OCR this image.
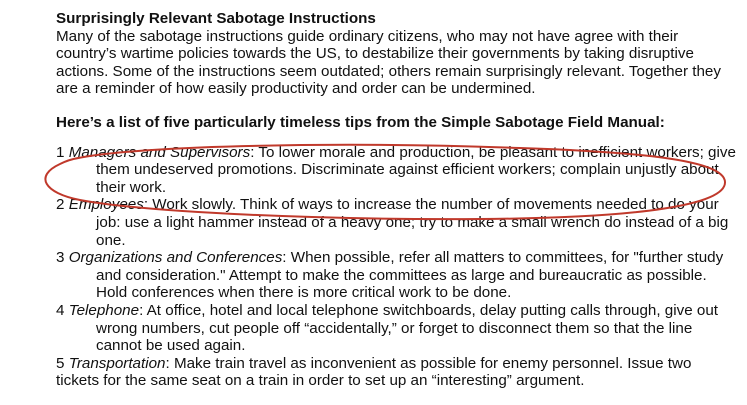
Surprisingly Relevant Sabotage Instructions

Many of the sabotage instructions guide ordinary citizens, who may not have agree with their country’s wartime policies towards the US, to destabilize their governments by taking disruptive actions. Some of the instructions seem outdated; others remain surprisingly relevant. Together they are a reminder of how easily productivity and order can be undermined.

Here’s a list of five particularly timeless tips from the Simple Sabotage Field Manual:

1 Managers and Supervisors: To lower morale and production, be pleasant to inefficient workers; give them undeserved promotions. Discriminate against efficient workers; complain unjustly about their work.
2 Employees: Work slowly. Think of ways to increase the number of movements needed to do your job: use a light hammer instead of a heavy one; try to make a small wrench do instead of a big one.
3 Organizations and Conferences: When possible, refer all matters to committees, for "further study and consideration." Attempt to make the committees as large and bureaucratic as possible. Hold conferences when there is more critical work to be done.
4 Telephone: At office, hotel and local telephone switchboards, delay putting calls through, give out wrong numbers, cut people off “accidentally,” or forget to disconnect them so that the line cannot be used again.
5 Transportation: Make train travel as inconvenient as possible for enemy personnel. Issue two tickets for the same seat on a train in order to set up an “interesting” argument.
